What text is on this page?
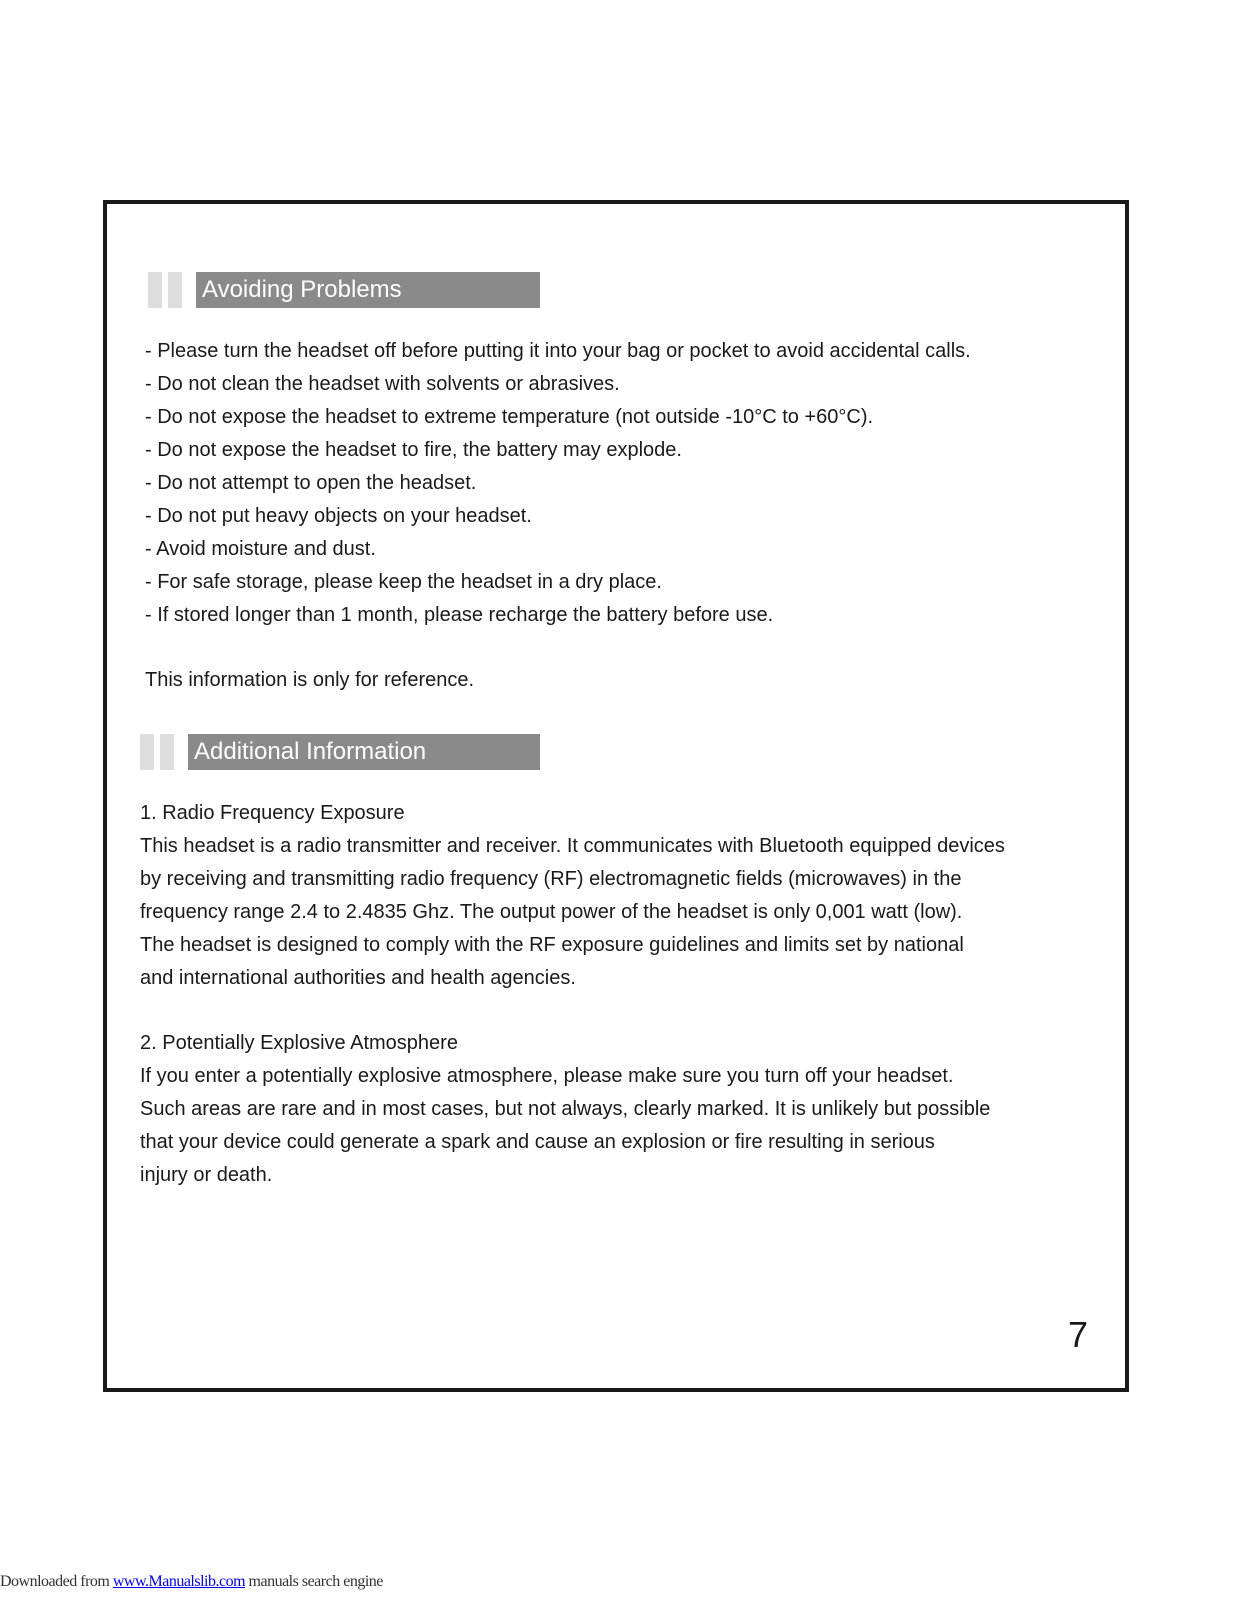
Avoiding Problems
- Please turn the headset off before putting it into your bag or pocket to avoid accidental calls.
- Do not clean the headset with solvents or abrasives.
- Do not expose the headset to extreme temperature (not outside -10°C to +60°C).
- Do not expose the headset to fire, the battery may explode.
- Do not attempt to open the headset.
- Do not put heavy objects on your headset.
- Avoid moisture and dust.
- For safe storage, please keep the headset in a dry place.
- If stored longer than 1 month, please recharge the battery before use.
This information is only for reference.
Additional Information
1. Radio Frequency Exposure
This headset is a radio transmitter and receiver. It communicates with Bluetooth equipped devices
by receiving and transmitting radio frequency (RF) electromagnetic fields (microwaves) in the
frequency range 2.4 to 2.4835 Ghz. The output power of the headset is only 0,001 watt (low).
The headset is designed to comply with the RF exposure guidelines and limits set by national
and international authorities and health agencies.
2. Potentially Explosive Atmosphere
If you enter a potentially explosive atmosphere, please make sure you turn off your headset.
Such areas are rare and in most cases, but not always, clearly marked. It is unlikely but possible
that your device could generate a spark and cause an explosion or fire resulting in serious
injury or death.
7
Downloaded from www.Manualslib.com manuals search engine
